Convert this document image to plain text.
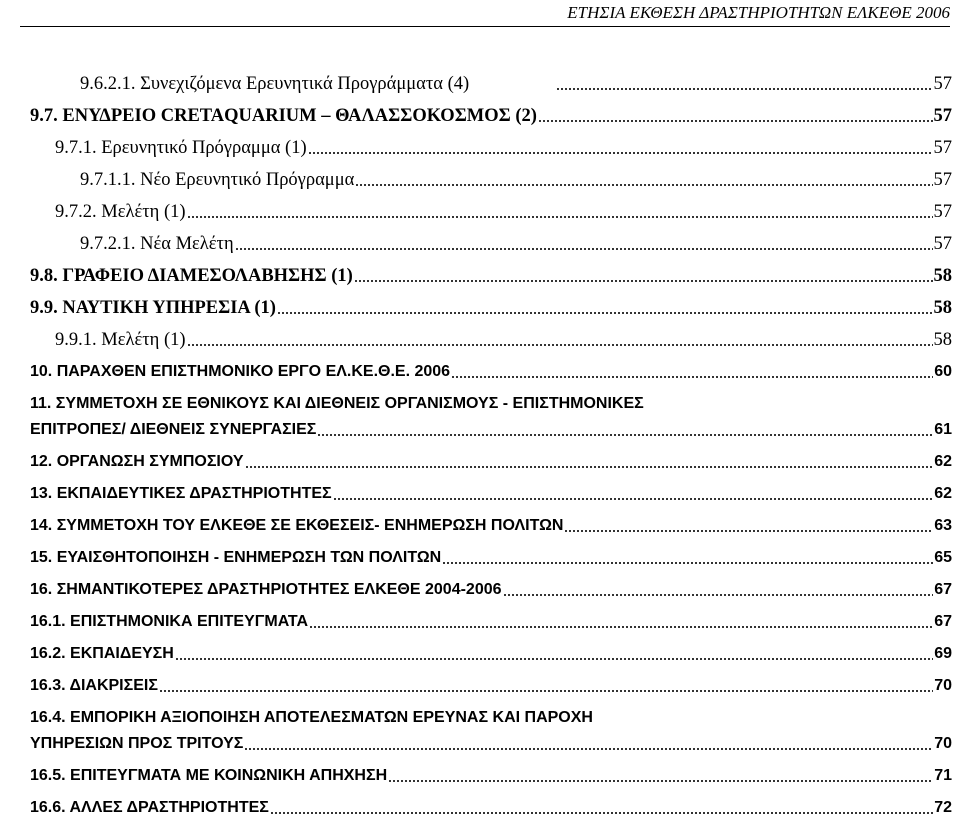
ΕΤΗΣΙΑ ΕΚΘΕΣΗ ΔΡΑΣΤΗΡΙΟΤΗΤΩΝ ΕΛΚΕΘΕ 2006
9.6.2.1. Συνεχιζόμενα Ερευνητικά Προγράμματα (4)	57
9.7. ΕΝΥΔΡΕΙΟ CRETAQUARIUM – ΘΑΛΑΣΣΟΚΟΣΜΟΣ (2)	57
9.7.1. Ερευνητικό Πρόγραμμα (1)	57
9.7.1.1. Νέο Ερευνητικό Πρόγραμμα	57
9.7.2. Μελέτη (1)	57
9.7.2.1. Νέα Μελέτη	57
9.8. ΓΡΑΦΕΙΟ ΔΙΑΜΕΣΟΛΑΒΗΣΗΣ (1)	58
9.9. ΝΑΥΤΙΚΗ ΥΠΗΡΕΣΙΑ (1)	58
9.9.1. Μελέτη (1)	58
10. ΠΑΡΑΧΘΕΝ ΕΠΙΣΤΗΜΟΝΙΚΟ ΕΡΓΟ ΕΛ.ΚΕ.Θ.Ε. 2006	60
11. ΣΥΜΜΕΤΟΧΗ ΣΕ ΕΘΝΙΚΟΥΣ ΚΑΙ ΔΙΕΘΝΕΙΣ ΟΡΓΑΝΙΣΜΟΥΣ - ΕΠΙΣΤΗΜΟΝΙΚΕΣ
ΕΠΙΤΡΟΠΕΣ/ ΔΙΕΘΝΕΙΣ ΣΥΝΕΡΓΑΣΙΕΣ	61
12. ΟΡΓΑΝΩΣΗ ΣΥΜΠΟΣΙΟΥ	62
13. ΕΚΠΑΙΔΕΥΤΙΚΕΣ ΔΡΑΣΤΗΡΙΟΤΗΤΕΣ	62
14. ΣΥΜΜΕΤΟΧΗ ΤΟΥ ΕΛΚΕΘΕ ΣΕ ΕΚΘΕΣΕΙΣ- ΕΝΗΜΕΡΩΣΗ ΠΟΛΙΤΩΝ	63
15. ΕΥΑΙΣΘΗΤΟΠΟΙΗΣΗ - ΕΝΗΜΕΡΩΣΗ ΤΩΝ ΠΟΛΙΤΩΝ	65
16. ΣΗΜΑΝΤΙΚΟΤΕΡΕΣ ΔΡΑΣΤΗΡΙΟΤΗΤΕΣ ΕΛΚΕΘΕ 2004-2006	67
16.1. ΕΠΙΣΤΗΜΟΝΙΚΑ ΕΠΙΤΕΥΓΜΑΤΑ	67
16.2. ΕΚΠΑΙΔΕΥΣΗ	69
16.3. ΔΙΑΚΡΙΣΕΙΣ	70
16.4. ΕΜΠΟΡΙΚΗ ΑΞΙΟΠΟΙΗΣΗ ΑΠΟΤΕΛΕΣΜΑΤΩΝ ΕΡΕΥΝΑΣ ΚΑΙ ΠΑΡΟΧΗ
ΥΠΗΡΕΣΙΩΝ ΠΡΟΣ ΤΡΙΤΟΥΣ	70
16.5. ΕΠΙΤΕΥΓΜΑΤΑ ΜΕ ΚΟΙΝΩΝΙΚΗ ΑΠΗΧΗΣΗ	71
16.6. ΑΛΛΕΣ ΔΡΑΣΤΗΡΙΟΤΗΤΕΣ	72
